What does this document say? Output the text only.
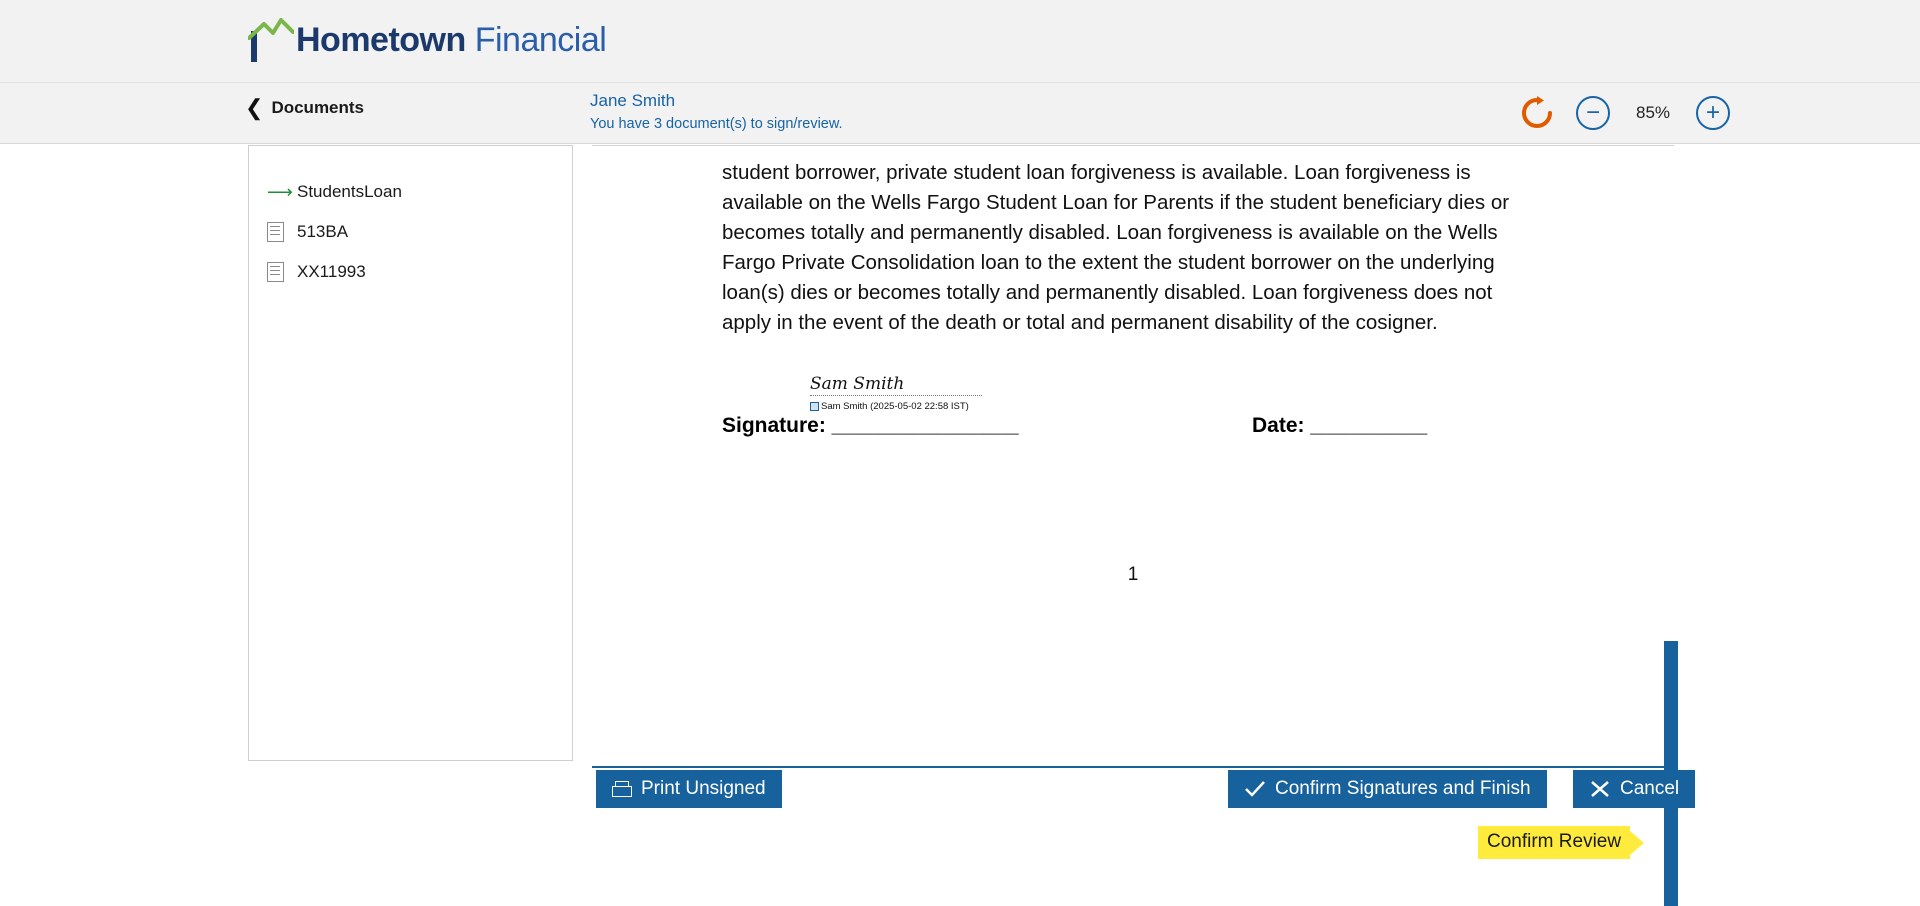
Hometown Financial
❮ Documents	Jane Smith
You have 3 document(s) to sign/review.	−	85%	+
⟶ StudentsLoan
513BA
XX11993
student borrower, private student loan forgiveness is available. Loan forgiveness is available on the Wells Fargo Student Loan for Parents if the student beneficiary dies or becomes totally and permanently disabled. Loan forgiveness is available on the Wells Fargo Private Consolidation loan to the extent the student borrower on the underlying loan(s) dies or becomes totally and permanently disabled. Loan forgiveness does not apply in the event of the death or total and permanent disability of the cosigner.
Signature: ________________
Sam Smith
Sam Smith (2025-05-02 22:58 IST)
Date: __________
1
Confirm Review
Print Unsigned	Confirm Signatures and Finish	Cancel
